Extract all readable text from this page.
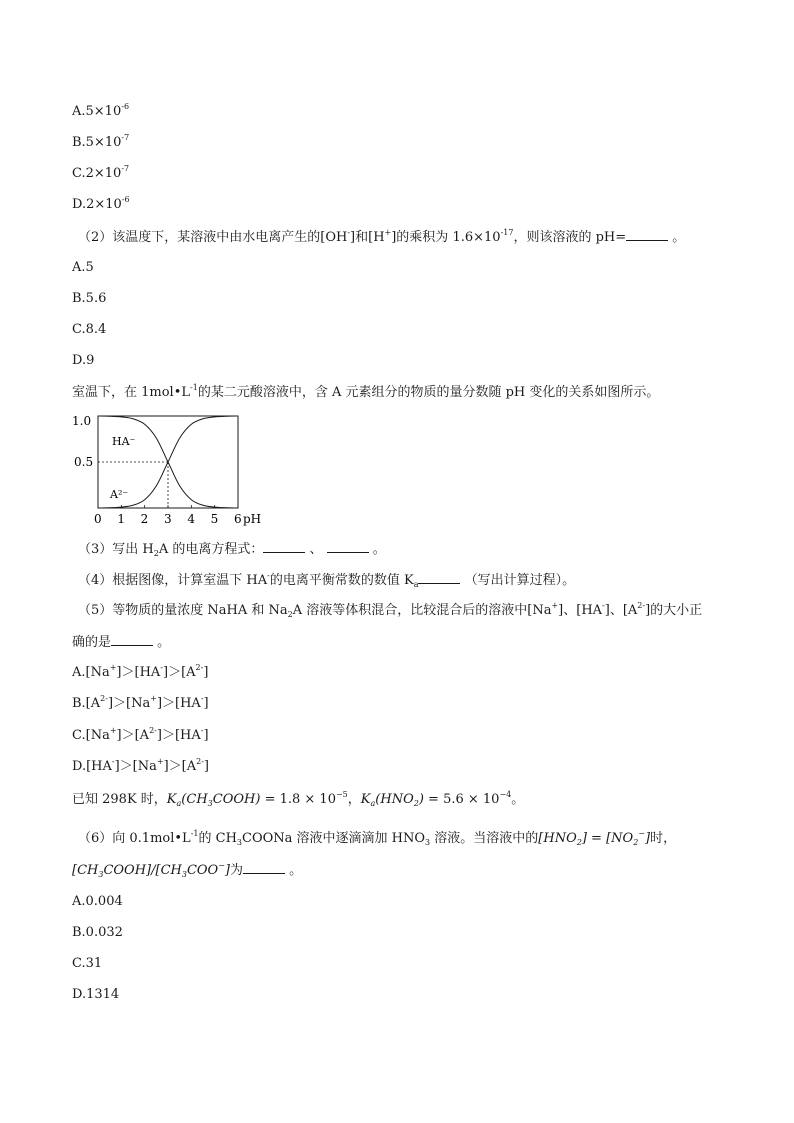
$A.5\times 10^{-6}$
$B.5\times 10^{-7}$
$C.2\times 10^{-7}$
$D.2\times 10^{-6}$
（2）该温度下，某溶液中由水电离产生的[OH-]和[H+]的乘积为 $1.6\times 10^{-17}$，则该溶液的 pH=	。
A.5
B.5.6
C.8.4
D.9
室温下，在 $1mol•L^{-1}$的某二元酸溶液中，含 A 元素组分的物质的量分数随 pH 变化的关系如图所示。
0 1 2 3 4 5 6
HA⁻
A²⁻
1.0
0.5
pH
（3）写出 $H_2A$ 的电离方程式：	、	。
（4）根据图像，计算室温下 HA-的电离平衡常数的数值 $K_a$	（写出计算过程）。
（5）等物质的量浓度 NaHA 和 $Na_2A$ 溶液等体积混合，比较混合后的溶液中[Na+]、[HA-]、$[A^{2-}]$的大小正
确的是	。
$A.[Na^+]>[HA^-]>[A^{2-}]$
$B.[A^{2-}]>[Na^+]>[HA^-]$
$C.[Na^+]>[A^{2-}]>[HA^-]$
$D.[HA^-]>[Na^+]>[A^{2-}]$
已知 298K 时，$K_a(CH_3COOH) = 1.8 \times 10^{-5}$，$K_a(HNO_2) = 5.6 \times 10^{-4}$。
（6）向 $0.1mol•L^{-1}$的 $CH_3COONa$ 溶液中逐滴滴加 $HNO_3$ 溶液。当溶液中的$[HNO_2] = [NO_2^-]$时，
$[CH_3COOH]/[CH_3COO^-]$为	。
A.0.004
B.0.032
C.31
D.1314
